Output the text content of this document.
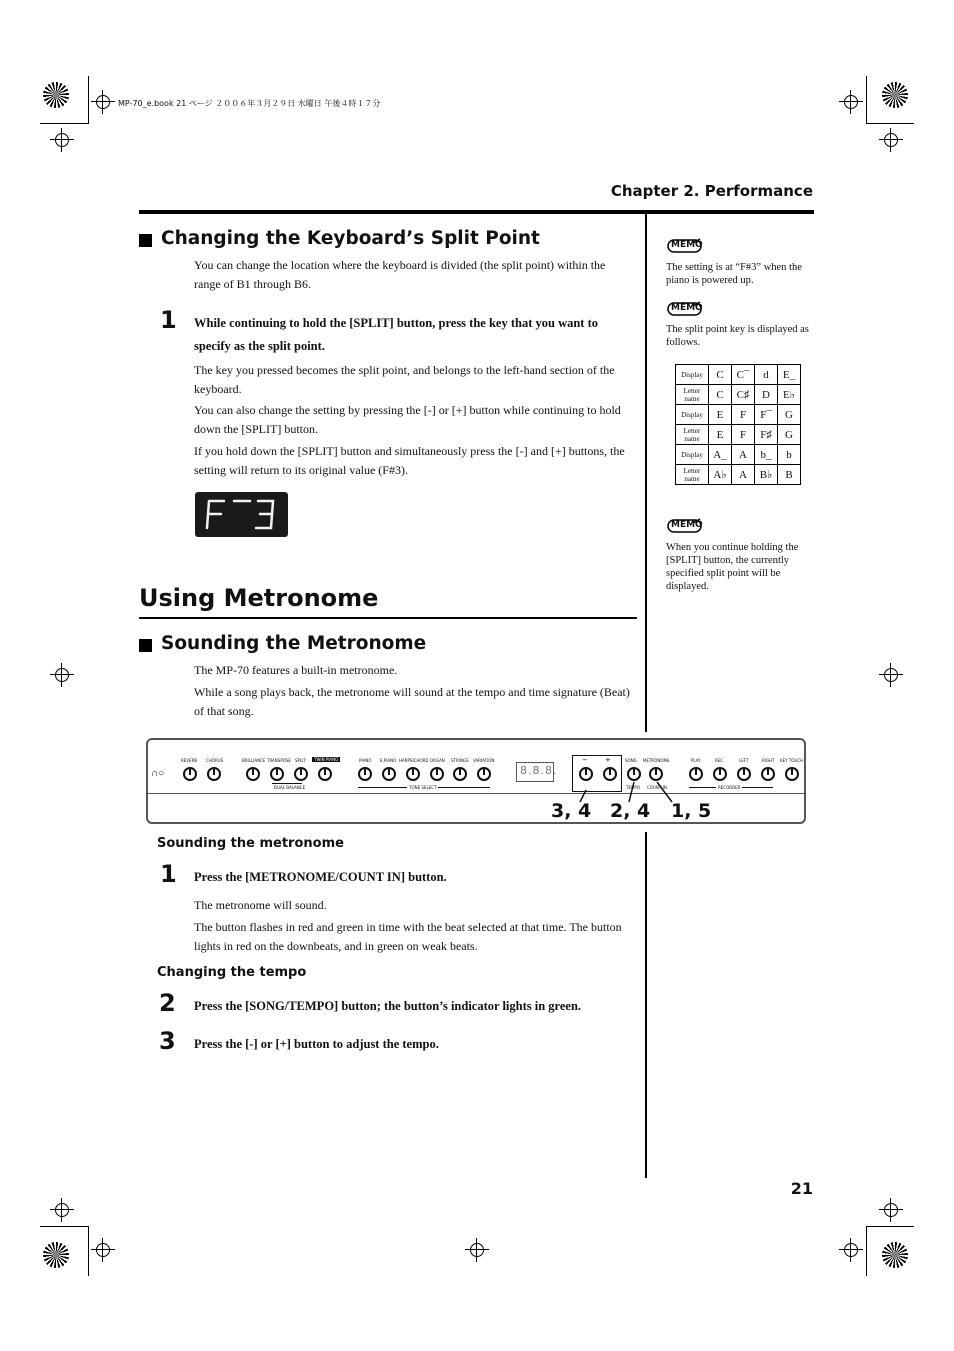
MP-70_e.book 21 ページ ２００６年３月２９日 水曜日 午後４時１７分
Chapter 2. Performance
Changing the Keyboard’s Split Point
You can change the location where the keyboard is divided (the split point) within the range of B1 through B6.
1 While continuing to hold the [SPLIT] button, press the key that you want to specify as the split point.
The key you pressed becomes the split point, and belongs to the left-hand section of the keyboard.
You can also change the setting by pressing the [-] or [+] button while continuing to hold down the [SPLIT] button.
If you hold down the [SPLIT] button and simultaneously press the [-] and [+] buttons, the setting will return to its original value (F#3).
MEMO
The setting is at “F#3” when the piano is powered up.
MEMO
The split point key is displayed as follows.
Display	C	C¯	d	E_
Letter name	C	C♯	D	E♭
Display	E	F	F¯	G
Letter name	E	F	F♯	G
Display	A_	A	b_	b
Letter name	A♭	A	B♭	B
MEMO
When you continue holding the [SPLIT] button, the currently specified split point will be displayed.
Using Metronome
Sounding the Metronome
The MP-70 features a built-in metronome.
While a song plays back, the metronome will sound at the tempo and time signature (Beat) of that song.
∩○
REVERB CHORUS	BRILLIANCE TRANSPOSE SPLIT	TWIN PIANO
DUAL BALANCE
PIANO E.PIANO HARPSICHORD ORGAN STRINGS VARIATION
TONE SELECT
8.8.8.
− +	SONG
TEMPO
METRONOME
COUNT IN
PLAY	REC	LEFT	RIGHT KEY TOUCH
RECORDER
3, 4 2, 4 1, 5
Sounding the metronome
1 Press the [METRONOME/COUNT IN] button.
The metronome will sound.
The button flashes in red and green in time with the beat selected at that time. The button lights in red on the downbeats, and in green on weak beats.
Changing the tempo
2 Press the [SONG/TEMPO] button; the button’s indicator lights in green.
3 Press the [-] or [+] button to adjust the tempo.
21
